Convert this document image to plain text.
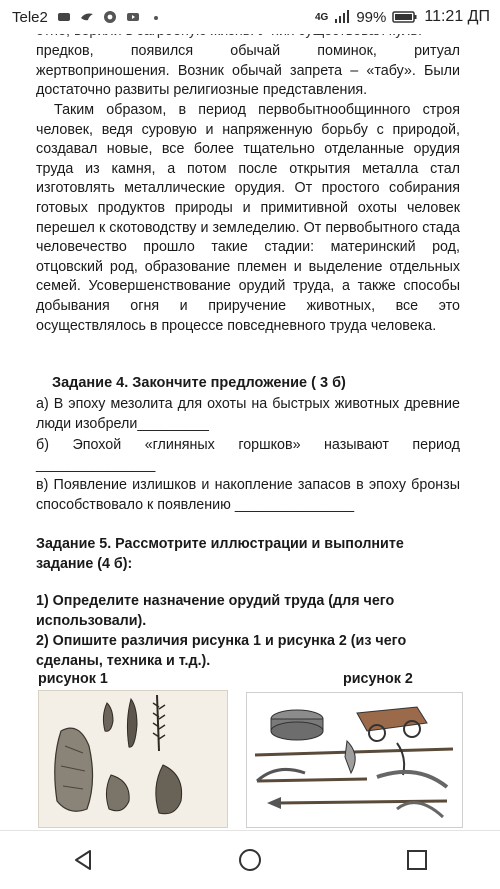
Tele2	4G 99% 11:21 ДП
предков, появился обычай поминок, ритуал жертвоприношения. Возник обычай запрета – «табу». Были достаточно развиты религиозные представления.

Таким образом, в период первобытнообщинного строя человек, ведя суровую и напряженную борьбу с природой, создавал новые, все более тщательно отделанные орудия труда из камня, а потом после открытия металла стал изготовлять металлические орудия. От простого собирания готовых продуктов природы и примитивной охоты человек перешел к скотоводству и земледелию. От первобытного стада человечество прошло такие стадии: материнский род, отцовский род, образование племен и выделение отдельных семей. Усовершенствование орудий труда, а также способы добывания огня и приручение животных, все это осуществлялось в процессе повседневного труда человека.

Задание 4. Закончите предложение ( 3 б)
а) В эпоху мезолита для охоты на быстрых животных древние люди изобрели_________
б) Эпохой «глиняных горшков» называют период _______________
в) Появление излишков и накопление запасов в эпоху бронзы способствовало к появлению _______________
Задание 5. Рассмотрите иллюстрации и выполните задание (4 б):
1) Определите назначение орудий труда (для чего использовали).
2) Опишите различия рисунка 1 и рисунка 2 (из чего сделаны, техника и т.д.).
рисунок 1	рисунок 2
